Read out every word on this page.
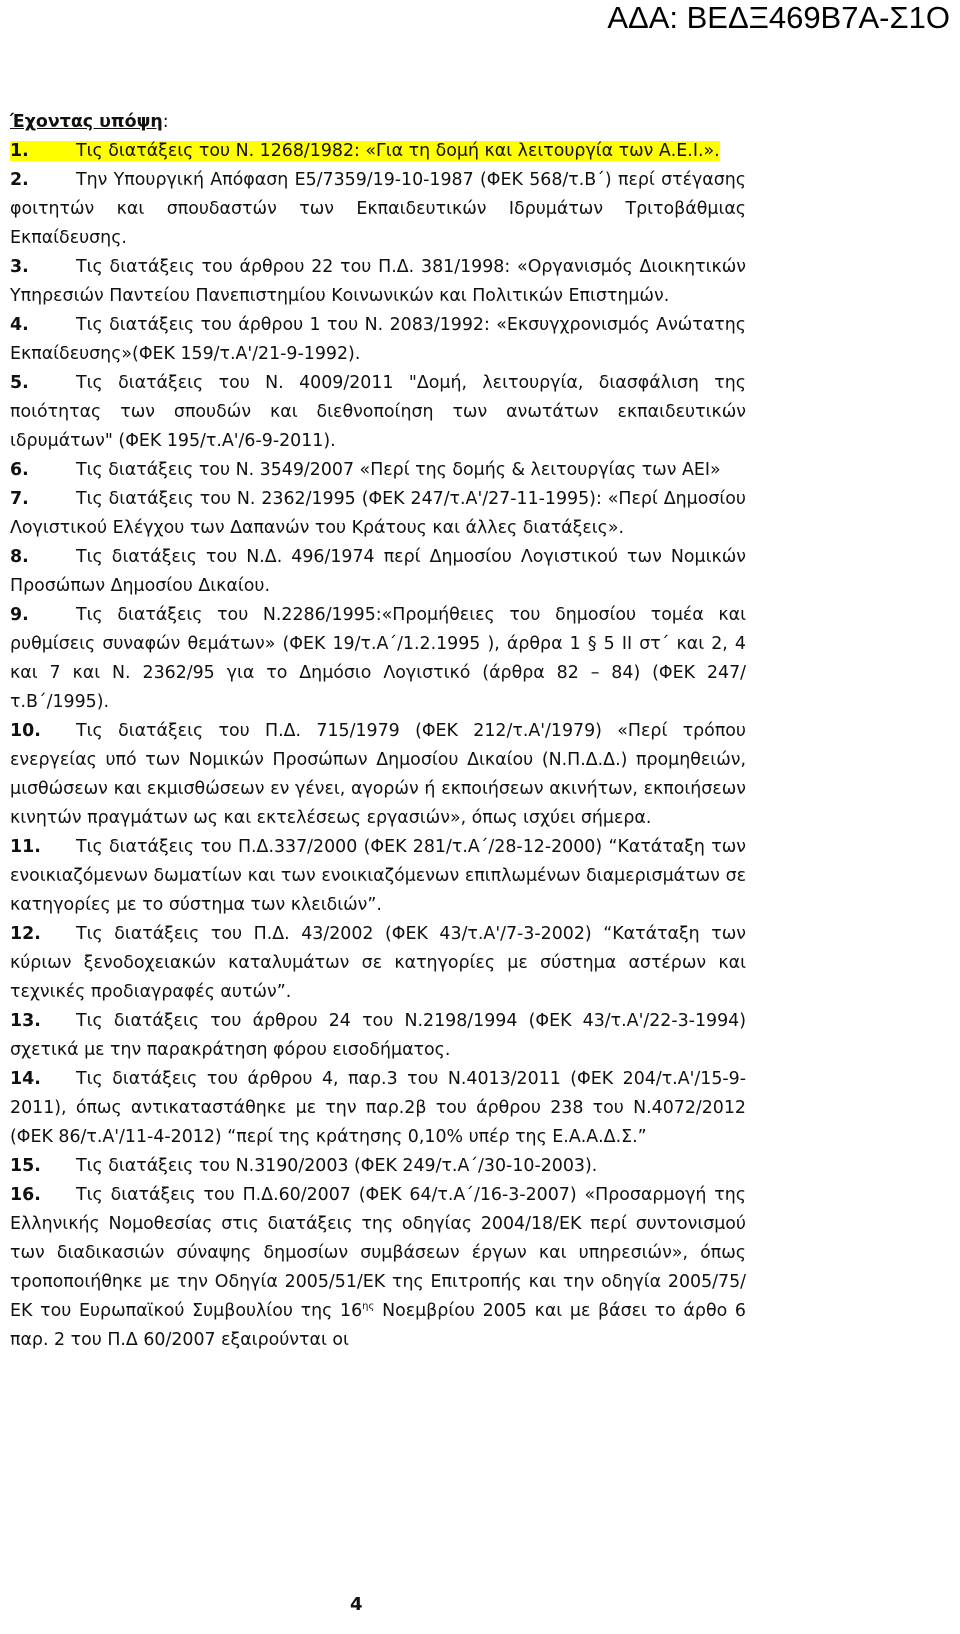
ΑΔΑ: ΒΕΔΞ469Β7Α-Σ1Ο
Έχοντας υπόψη:
1.	Τις διατάξεις του Ν. 1268/1982: «Για τη δομή και λειτουργία των Α.Ε.Ι.».
2.	Την Υπουργική Απόφαση Ε5/7359/19-10-1987 (ΦΕΚ 568/τ.Β΄) περί στέγασης φοιτητών και σπουδαστών των Εκπαιδευτικών Ιδρυμάτων Τριτοβάθμιας Εκπαίδευσης.
3.	Τις διατάξεις του άρθρου 22 του Π.Δ. 381/1998: «Οργανισμός Διοικητικών Υπηρεσιών Παντείου Πανεπιστημίου Κοινωνικών και Πολιτικών Επιστημών.
4.	Τις διατάξεις του άρθρου 1 του Ν. 2083/1992: «Εκσυγχρονισμός Ανώτατης Εκπαίδευσης»(ΦΕΚ 159/τ.Α'/21-9-1992).
5.	Τις διατάξεις του Ν. 4009/2011 "Δομή, λειτουργία, διασφάλιση της ποιότητας των σπουδών και διεθνοποίηση των ανωτάτων εκπαιδευτικών ιδρυμάτων" (ΦΕΚ 195/τ.Α'/6-9-2011).
6.	Τις διατάξεις του Ν. 3549/2007 «Περί της δομής & λειτουργίας των ΑΕΙ»
7.	Τις διατάξεις του Ν. 2362/1995 (ΦΕΚ 247/τ.Α'/27-11-1995): «Περί Δημοσίου Λογιστικού Ελέγχου των Δαπανών του Κράτους και άλλες διατάξεις».
8.	Τις διατάξεις του Ν.Δ. 496/1974 περί Δημοσίου Λογιστικού των Νομικών Προσώπων Δημοσίου Δικαίου.
9.	Τις διατάξεις του Ν.2286/1995:«Προμήθειες του δημοσίου τομέα και ρυθμίσεις συναφών θεμάτων» (ΦΕΚ 19/τ.Α΄/1.2.1995 ), άρθρα 1 § 5 ΙΙ στ΄ και 2, 4 και 7 και Ν. 2362/95 για το Δημόσιο Λογιστικό (άρθρα 82 – 84) (ΦΕΚ 247/τ.Β΄/1995).
10. Τις διατάξεις του Π.Δ. 715/1979 (ΦΕΚ 212/τ.Α'/1979) «Περί τρόπου ενεργείας υπό των Νομικών Προσώπων Δημοσίου Δικαίου (Ν.Π.Δ.Δ.) προμηθειών, μισθώσεων και εκμισθώσεων εν γένει, αγορών ή εκποιήσεων ακινήτων, εκποιήσεων κινητών πραγμάτων ως και εκτελέσεως εργασιών», όπως ισχύει σήμερα.
11. Τις διατάξεις του Π.Δ.337/2000 (ΦΕΚ 281/τ.Α΄/28-12-2000) “Κατάταξη των ενοικιαζόμενων δωματίων και των ενοικιαζόμενων επιπλωμένων διαμερισμάτων σε κατηγορίες με το σύστημα των κλειδιών”.
12. Τις διατάξεις του Π.Δ. 43/2002 (ΦΕΚ 43/τ.Α'/7-3-2002) “Κατάταξη των κύριων ξενοδοχειακών καταλυμάτων σε κατηγορίες με σύστημα αστέρων και τεχνικές προδιαγραφές αυτών”.
13. Τις διατάξεις του άρθρου 24 του Ν.2198/1994 (ΦΕΚ 43/τ.Α'/22-3-1994) σχετικά με την παρακράτηση φόρου εισοδήματος.
14. Τις διατάξεις του άρθρου 4, παρ.3 του Ν.4013/2011 (ΦΕΚ 204/τ.Α'/15-9-2011), όπως αντικαταστάθηκε με την παρ.2β του άρθρου 238 του Ν.4072/2012 (ΦΕΚ 86/τ.Α'/11-4-2012) “περί της κράτησης 0,10% υπέρ της Ε.Α.Α.Δ.Σ.”
15. Τις διατάξεις του Ν.3190/2003 (ΦΕΚ 249/τ.Α΄/30-10-2003).
16. Τις διατάξεις του Π.Δ.60/2007 (ΦΕΚ 64/τ.Α΄/16-3-2007) «Προσαρμογή της Ελληνικής Νομοθεσίας στις διατάξεις της οδηγίας 2004/18/ΕΚ περί συντονισμού των διαδικασιών σύναψης δημοσίων συμβάσεων έργων και υπηρεσιών», όπως τροποποιήθηκε με την Οδηγία 2005/51/ΕΚ της Επιτροπής και την οδηγία 2005/75/ΕΚ του Ευρωπαϊκού Συμβουλίου της $16^{\eta\varsigma}$ Νοεμβρίου 2005 και με βάσει το άρθο 6 παρ. 2 του Π.Δ 60/2007 εξαιρούνται οι
4
